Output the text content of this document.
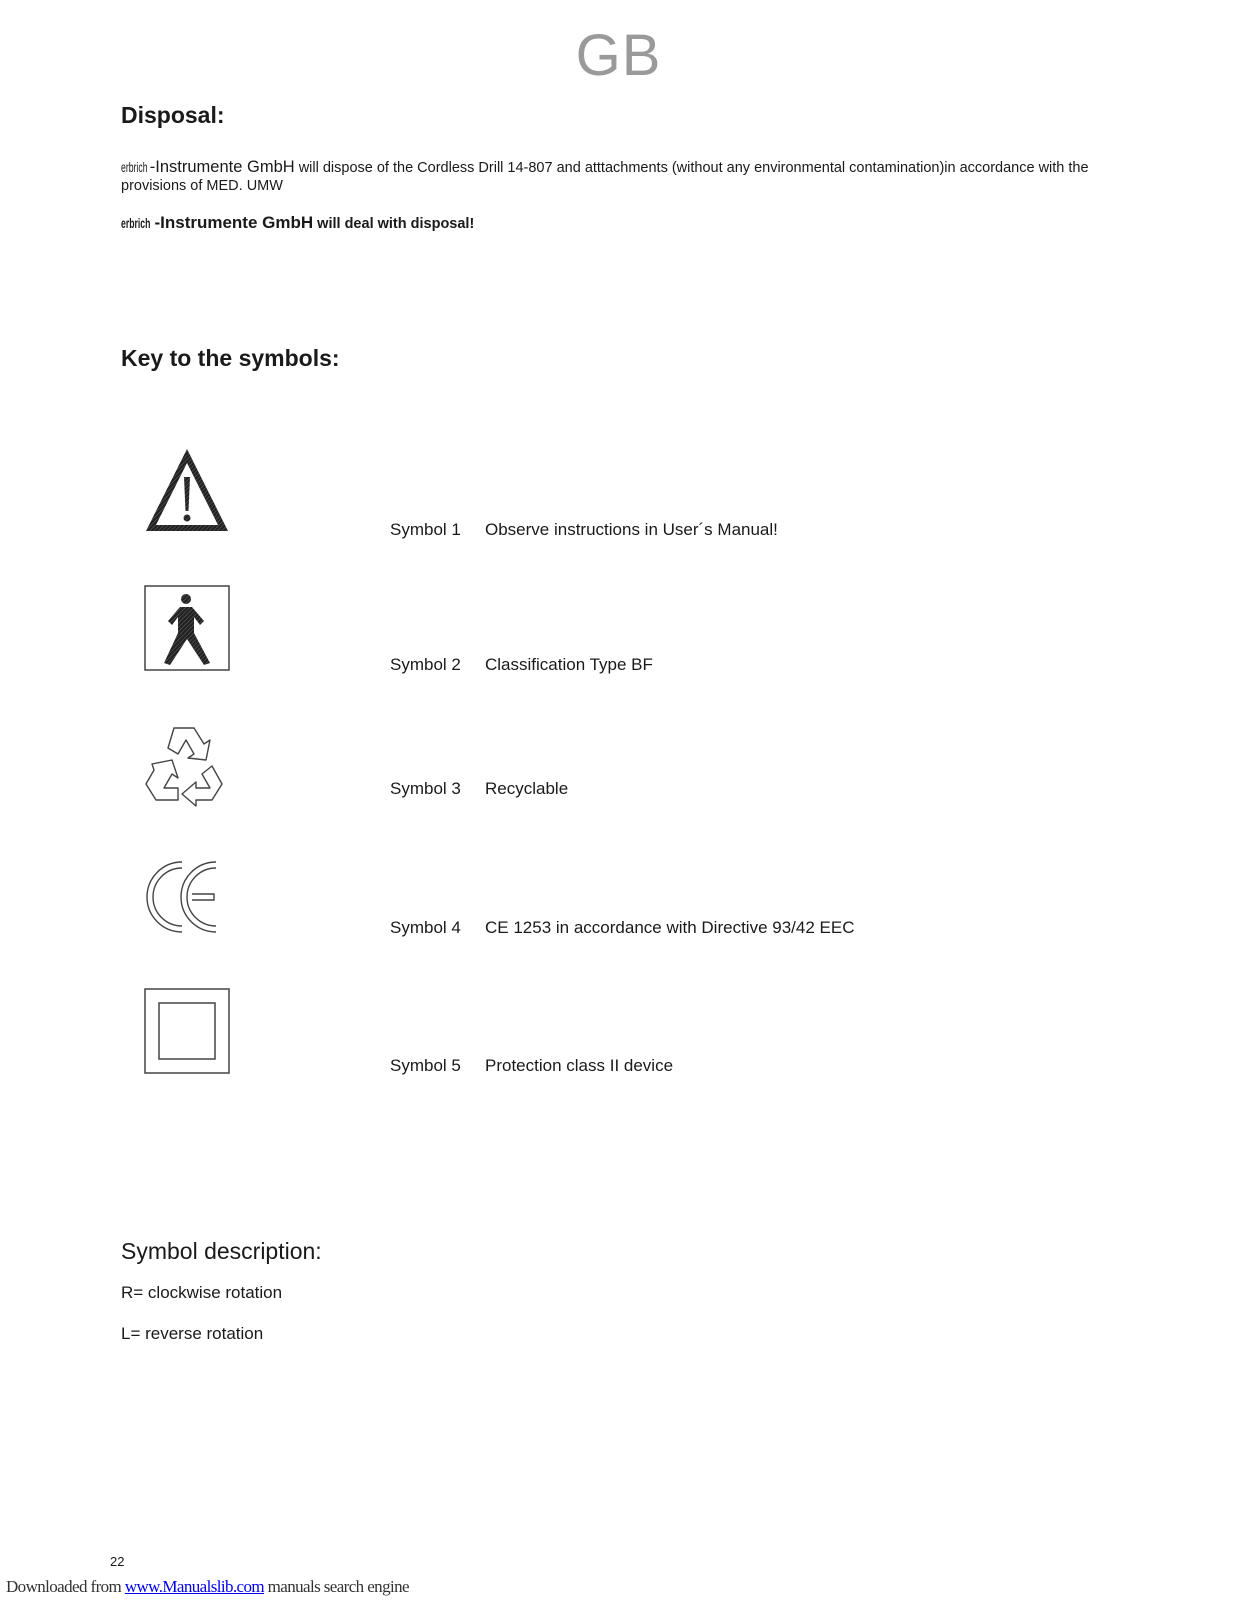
GB
Disposal:
erbrich -Instrumente GmbH will dispose of the Cordless Drill 14-807 and atttachments (without any environmental contamination)in accordance with the provisions of MED. UMW
erbrich -Instrumente GmbH will deal with disposal!
Key to the symbols:
Symbol 1 Observe instructions in User´s Manual!
Symbol 2 Classification Type BF
Symbol 3 Recyclable
Symbol 4 CE 1253 in accordance with Directive 93/42 EEC
Symbol 5 Protection class II device
Symbol description:
R= clockwise rotation
L= reverse rotation
22
Downloaded from www.Manualslib.com manuals search engine
